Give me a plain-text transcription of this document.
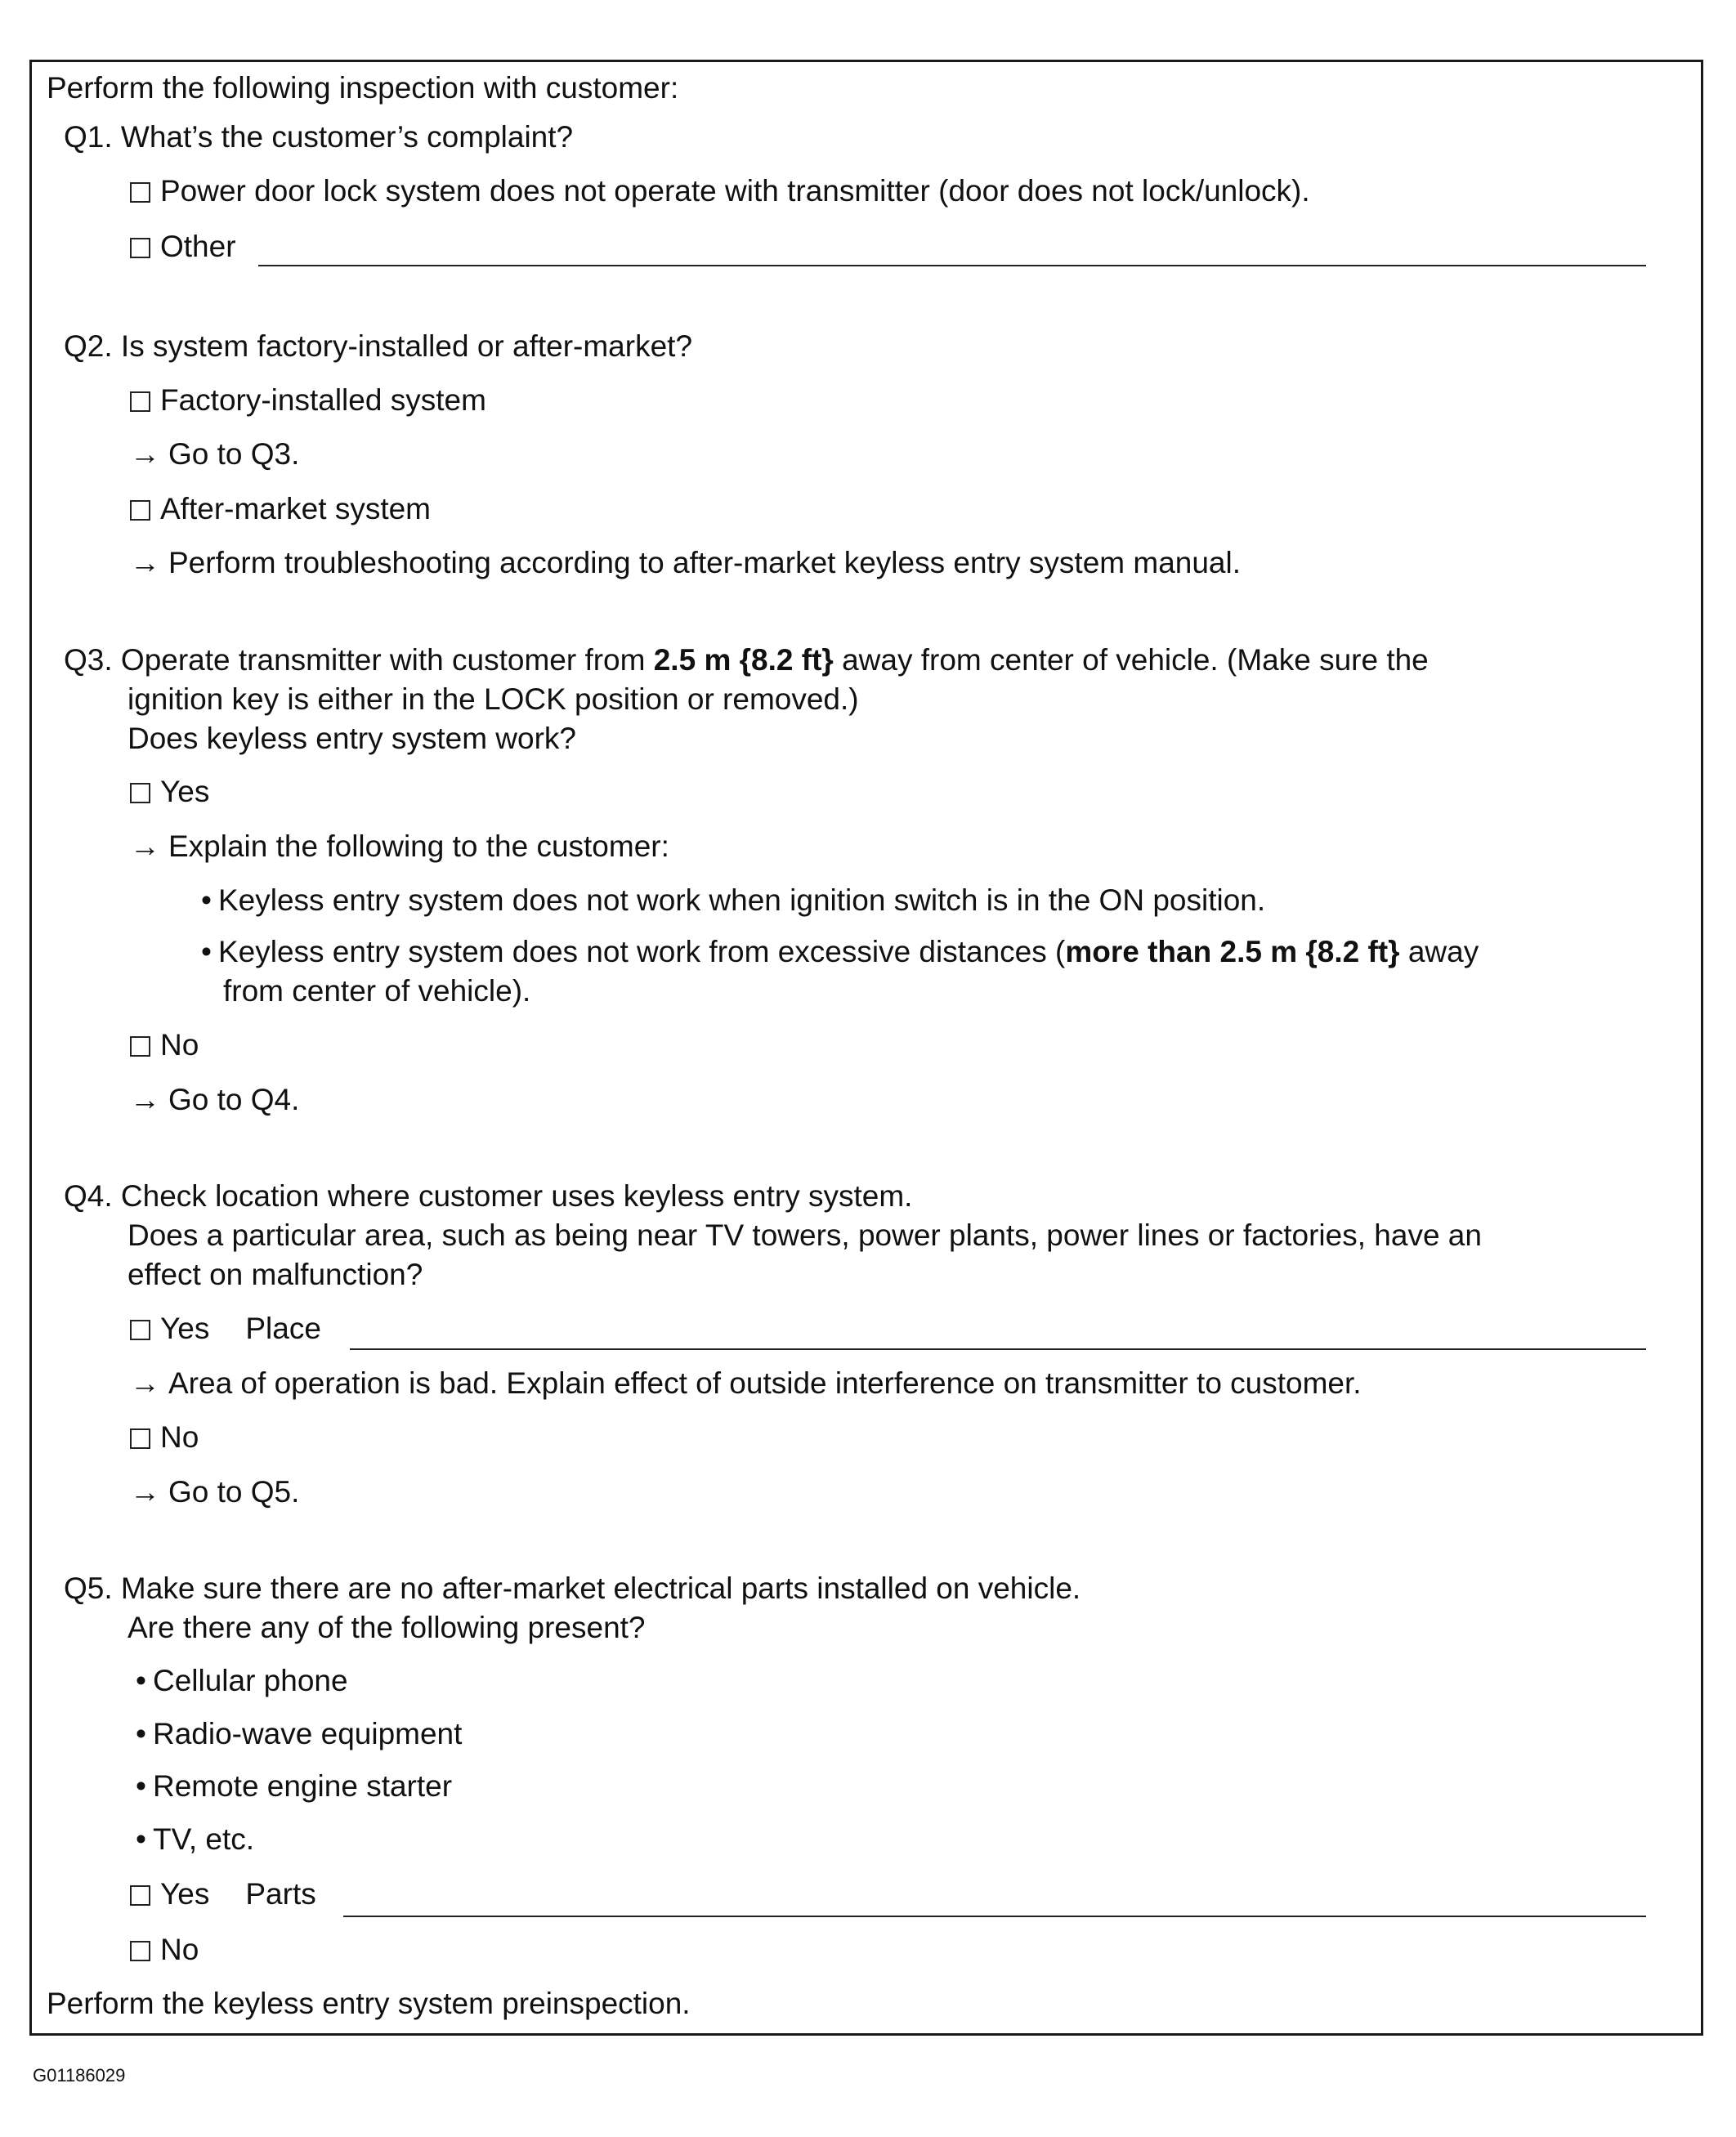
Perform the following inspection with customer:
Q1. What’s the customer’s complaint?
Power door lock system does not operate with transmitter (door does not lock/unlock).
Other
Q2. Is system factory-installed or after-market?
Factory-installed system
→ Go to Q3.
After-market system
→ Perform troubleshooting according to after-market keyless entry system manual.
Q3. Operate transmitter with customer from 2.5 m {8.2 ft} away from center of vehicle. (Make sure the
ignition key is either in the LOCK position or removed.)
Does keyless entry system work?
Yes
→ Explain the following to the customer:
• Keyless entry system does not work when ignition switch is in the ON position.
• Keyless entry system does not work from excessive distances (more than 2.5 m {8.2 ft} away
from center of vehicle).
No
→ Go to Q4.
Q4. Check location where customer uses keyless entry system.
Does a particular area, such as being near TV towers, power plants, power lines or factories, have an
effect on malfunction?
Yes Place
→ Area of operation is bad. Explain effect of outside interference on transmitter to customer.
No
→ Go to Q5.
Q5. Make sure there are no after-market electrical parts installed on vehicle.
Are there any of the following present?
• Cellular phone
• Radio-wave equipment
• Remote engine starter
• TV, etc.
Yes Parts
No
Perform the keyless entry system preinspection.
G01186029
